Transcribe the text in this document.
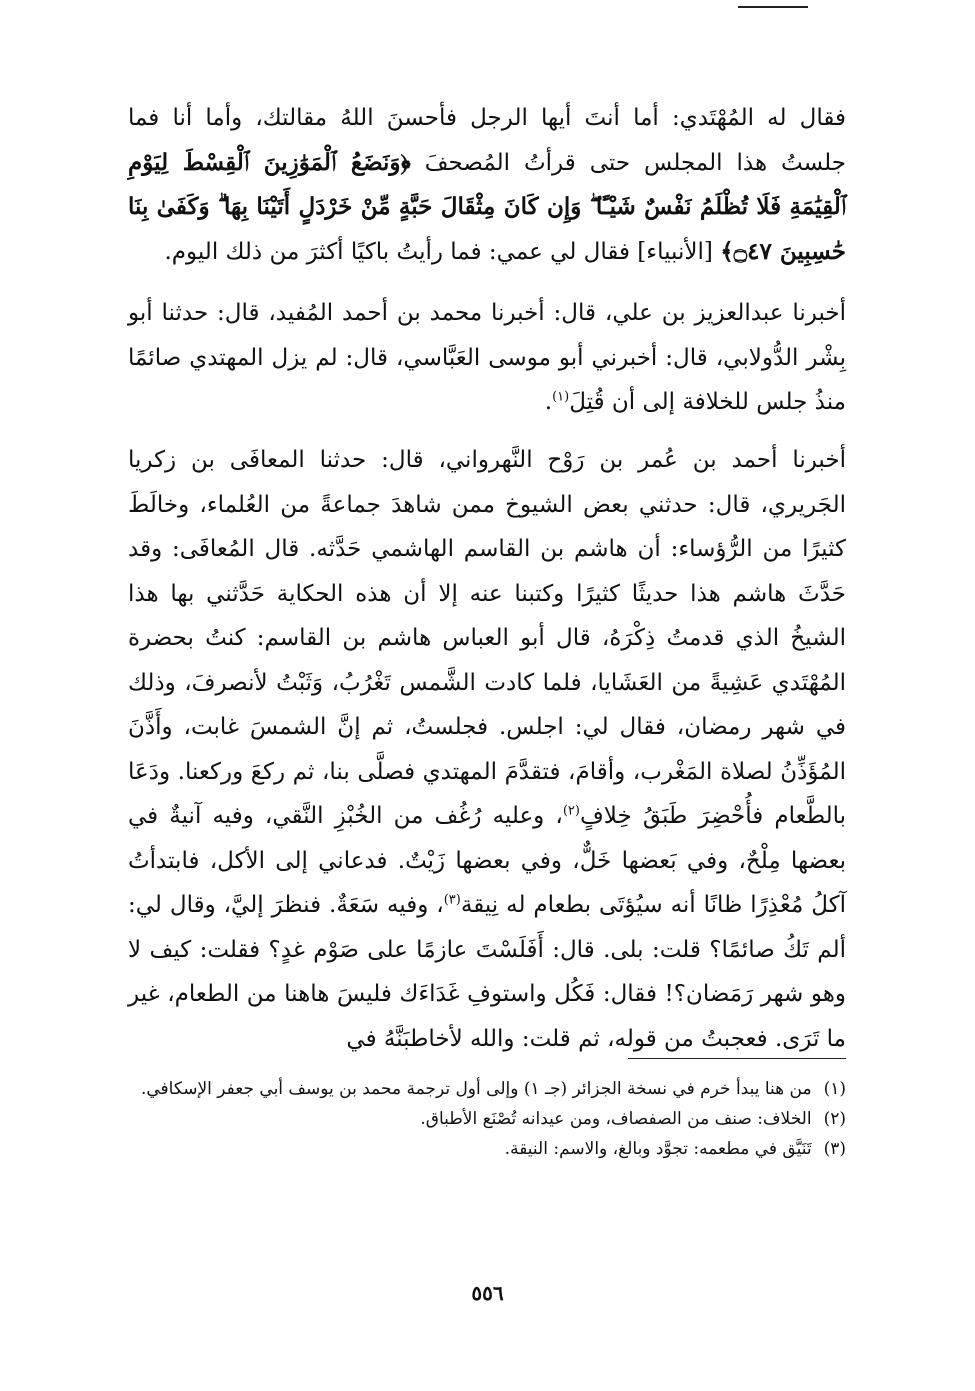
فقال له المُهْتَدي: أما أنتَ أيها الرجل فأحسنَ اللهُ مقالتك، وأما أنا فما جلستُ هذا المجلس حتى قرأتُ المُصحفَ ﴿وَنَضَعُ ٱلْمَوَٰزِينَ ٱلْقِسْطَ لِيَوْمِ ٱلْقِيَٰمَةِ فَلَا تُظْلَمُ نَفْسٌ شَيْـًٔا ۖ وَإِن كَانَ مِثْقَالَ حَبَّةٍ مِّنْ خَرْدَلٍ أَتَيْنَا بِهَا ۗ وَكَفَىٰ بِنَا حَٰسِبِينَ ۝٤٧﴾ [الأنبياء] فقال لي عمي: فما رأيتُ باكيًا أكثرَ من ذلك اليوم.

أخبرنا عبدالعزيز بن علي، قال: أخبرنا محمد بن أحمد المُفيد، قال: حدثنا أبو بِشْر الدُّولابي، قال: أخبرني أبو موسى العَبَّاسي، قال: لم يزل المهتدي صائمًا منذُ جلس للخلافة إلى أن قُتِلَ$^{(١)}$.

أخبرنا أحمد بن عُمر بن رَوْح النَّهرواني، قال: حدثنا المعافَى بن زكريا الجَريري، قال: حدثني بعض الشيوخ ممن شاهدَ جماعةً من العُلماء، وخالَطَ كثيرًا من الرُّؤساء: أن هاشم بن القاسم الهاشمي حَدَّثه. قال المُعافَى: وقد حَدَّثَ هاشم هذا حديثًا كثيرًا وكتبنا عنه إلا أن هذه الحكاية حَدَّثني بها هذا الشيخُ الذي قدمتُ ذِكْرَهُ، قال أبو العباس هاشم بن القاسم: كنتُ بحضرة المُهْتَدي عَشِيةً من العَشَايا، فلما كادت الشَّمس تَغْرُبُ، وَثَبْتُ لأنصرفَ، وذلك في شهر رمضان، فقال لي: اجلس. فجلستُ، ثم إنَّ الشمسَ غابت، وأَذَّنَ المُؤَذِّنُ لصلاة المَغْرب، وأقامَ، فتقدَّمَ المهتدي فصلَّى بنا، ثم ركعَ وركعنا. ودَعَا بالطَّعام فأُحْضِرَ طَبَقُ خِلافٍ$^{(٢)}$، وعليه رُغُف من الخُبْزِ النَّقي، وفيه آنيةٌ في بعضها مِلْحٌ، وفي بَعضها خَلٌّ، وفي بعضها زَيْتٌ. فدعاني إلى الأكل، فابتدأتُ آكلُ مُعْذِرًا ظانًا أنه سيُؤتَى بطعام له نِيقة$^{(٣)}$، وفيه سَعَةٌ. فنظرَ إليَّ، وقال لي: ألم تَكُ صائمًا؟ قلت: بلى. قال: أَفَلَسْتَ عازمًا على صَوْم غدٍ؟ فقلت: كيف لا وهو شهر رَمَضان؟! فقال: فَكُل واستوفِ غَدَاءَك فليسَ هاهنا من الطعام، غير ما تَرَى. فعجبتُ من قوله، ثم قلت: والله لأخاطبَنَّهُ في

(١)من هنا يبدأ خرم في نسخة الجزائر (جـ ١) وإلى أول ترجمة محمد بن يوسف أبي جعفر الإسكافي.

(٢)الخلاف: صنف من الصفصاف، ومن عيدانه تُصْنَع الأطباق.

(٣)تَنَيَّق في مطعمه: تجوَّد وبالغ، والاسم: النيقة.

٥٥٦
